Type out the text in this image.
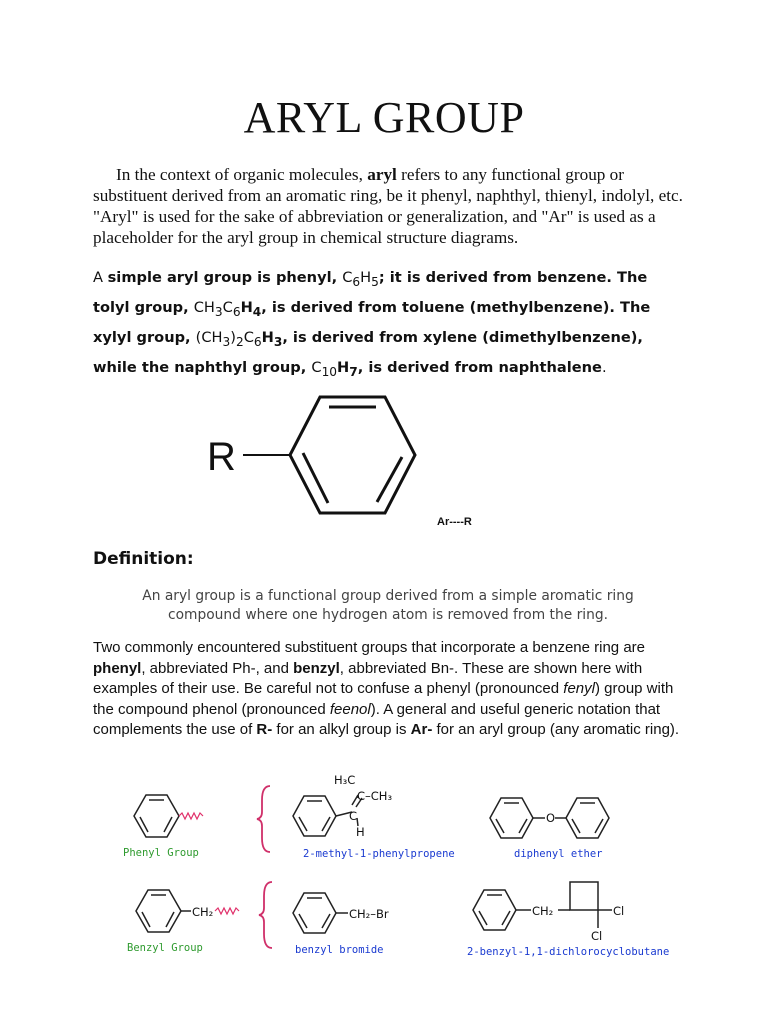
ARYL GROUP
In the context of organic molecules, aryl refers to any functional group or substituent derived from an aromatic ring, be it phenyl, naphthyl, thienyl, indolyl, etc. "Aryl" is used for the sake of abbreviation or generalization, and "Ar" is used as a placeholder for the aryl group in chemical structure diagrams.
A simple aryl group is phenyl, $C_6H_5$; it is derived from benzene. The tolyl group, $CH_3C_6H_4$, is derived from toluene (methylbenzene). The xylyl group, $(CH_3)_2C_6H_3$, is derived from xylene (dimethylbenzene), while the naphthyl group, $C_{10}H_7$, is derived from naphthalene.
R
Ar----R
Definition:
An aryl group is a functional group derived from a simple aromatic ring compound where one hydrogen atom is removed from the ring.
Two commonly encountered substituent groups that incorporate a benzene ring are phenyl, abbreviated Ph-, and benzyl, abbreviated Bn-. These are shown here with examples of their use. Be careful not to confuse a phenyl (pronounced fenyl) group with the compound phenol (pronounced feenol). A general and useful generic notation that complements the use of R- for an alkyl group is Ar- for an aryl group (any aromatic ring).
Phenyl Group
H₃C
C–CH₃
C
H
2-methyl-1-phenylpropene
O
diphenyl ether
CH₂
Benzyl Group
CH₂–Br
benzyl bromide
CH₂	Cl
Cl
2-benzyl-1,1-dichlorocyclobutane
